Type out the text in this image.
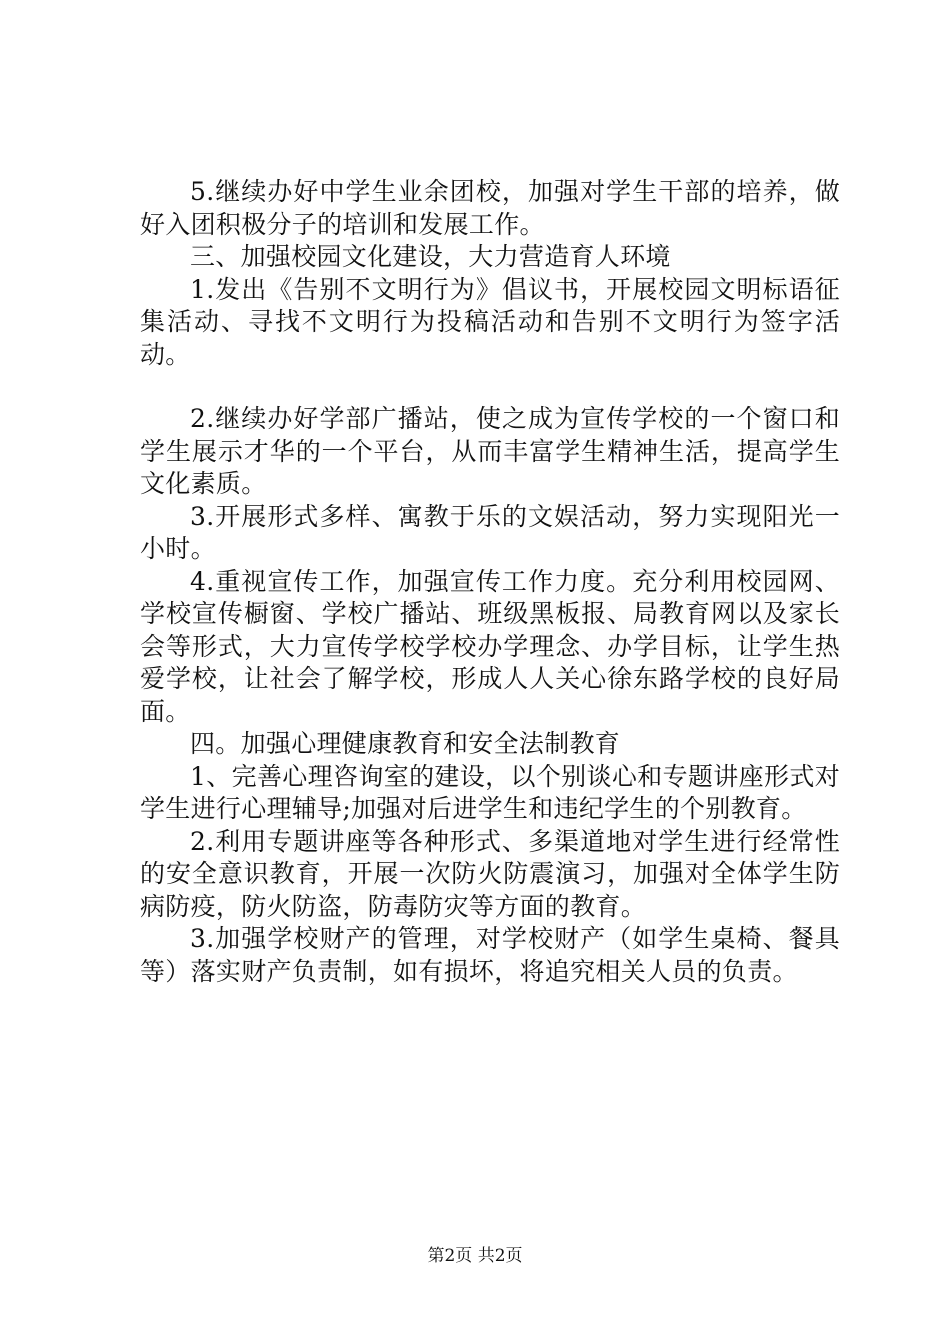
5.继续办好中学生业余团校，加强对学生干部的培养，做好入团积极分子的培训和发展工作。

三、加强校园文化建设，大力营造育人环境

1.发出《告别不文明行为》倡议书，开展校园文明标语征集活动、寻找不文明行为投稿活动和告别不文明行为签字活动。

2.继续办好学部广播站，使之成为宣传学校的一个窗口和学生展示才华的一个平台，从而丰富学生精神生活，提高学生文化素质。

3.开展形式多样、寓教于乐的文娱活动，努力实现阳光一小时。

4.重视宣传工作，加强宣传工作力度。充分利用校园网、学校宣传橱窗、学校广播站、班级黑板报、局教育网以及家长会等形式，大力宣传学校学校办学理念、办学目标，让学生热爱学校，让社会了解学校，形成人人关心徐东路学校的良好局面。

四。加强心理健康教育和安全法制教育

1、完善心理咨询室的建设，以个别谈心和专题讲座形式对学生进行心理辅导;加强对后进学生和违纪学生的个别教育。

2.利用专题讲座等各种形式、多渠道地对学生进行经常性的安全意识教育，开展一次防火防震演习，加强对全体学生防病防疫，防火防盗，防毒防灾等方面的教育。

3.加强学校财产的管理，对学校财产（如学生桌椅、餐具等）落实财产负责制，如有损坏，将追究相关人员的负责。

第2页 共2页
